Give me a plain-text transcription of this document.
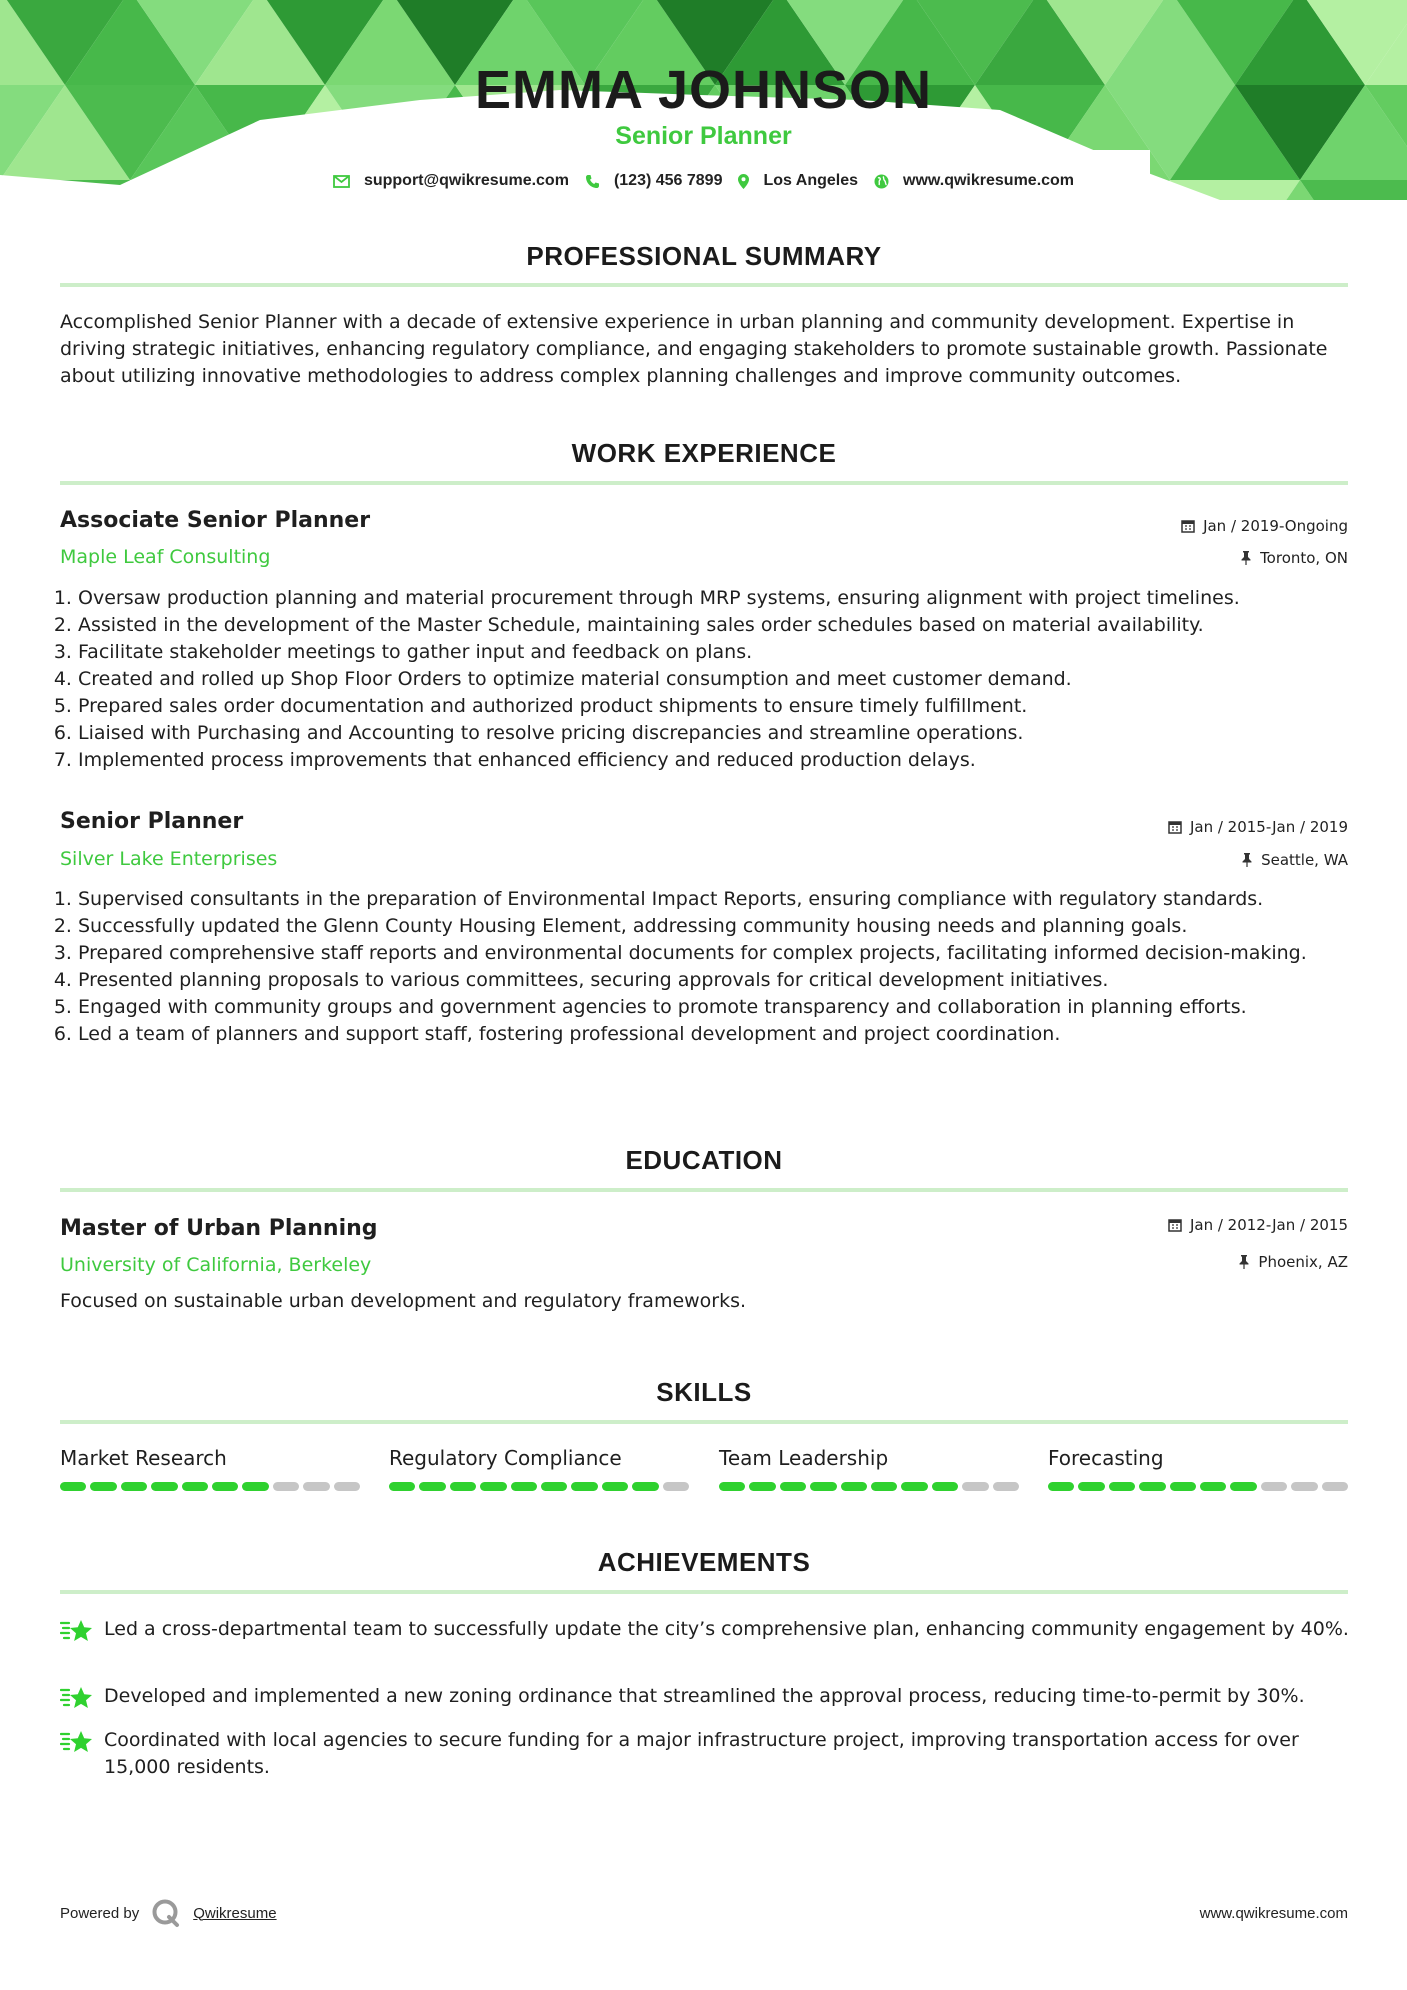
EMMA JOHNSON
Senior Planner
support@qwikresume.com	(123) 456 7899	Los Angeles	www.qwikresume.com
PROFESSIONAL SUMMARY

Accomplished Senior Planner with a decade of extensive experience in urban planning and community development. Expertise in driving strategic initiatives, enhancing regulatory compliance, and engaging stakeholders to promote sustainable growth. Passionate about utilizing innovative methodologies to address complex planning challenges and improve community outcomes.

WORK EXPERIENCE
Associate Senior Planner
Maple Leaf Consulting
Jan / 2019-Ongoing
Toronto, ON
1. Oversaw production planning and material procurement through MRP systems, ensuring alignment with project timelines.
2. Assisted in the development of the Master Schedule, maintaining sales order schedules based on material availability.
3. Facilitate stakeholder meetings to gather input and feedback on plans.
4. Created and rolled up Shop Floor Orders to optimize material consumption and meet customer demand.
5. Prepared sales order documentation and authorized product shipments to ensure timely fulfillment.
6. Liaised with Purchasing and Accounting to resolve pricing discrepancies and streamline operations.
7. Implemented process improvements that enhanced efficiency and reduced production delays.
Senior Planner
Silver Lake Enterprises
Jan / 2015-Jan / 2019
Seattle, WA
1. Supervised consultants in the preparation of Environmental Impact Reports, ensuring compliance with regulatory standards.
2. Successfully updated the Glenn County Housing Element, addressing community housing needs and planning goals.
3. Prepared comprehensive staff reports and environmental documents for complex projects, facilitating informed decision-making.
4. Presented planning proposals to various committees, securing approvals for critical development initiatives.
5. Engaged with community groups and government agencies to promote transparency and collaboration in planning efforts.
6. Led a team of planners and support staff, fostering professional development and project coordination.
EDUCATION
Master of Urban Planning
University of California, Berkeley
Jan / 2012-Jan / 2015
Phoenix, AZ

Focused on sustainable urban development and regulatory frameworks.

SKILLS
Market Research	Regulatory Compliance	Team Leadership	Forecasting
ACHIEVEMENTS
Led a cross-departmental team to successfully update the city’s comprehensive plan, enhancing community engagement by 40%.
Developed and implemented a new zoning ordinance that streamlined the approval process, reducing time-to-permit by 30%.
Coordinated with local agencies to secure funding for a major infrastructure project, improving transportation access for over 15,000 residents.
Powered by	Qwikresume	www.qwikresume.com
